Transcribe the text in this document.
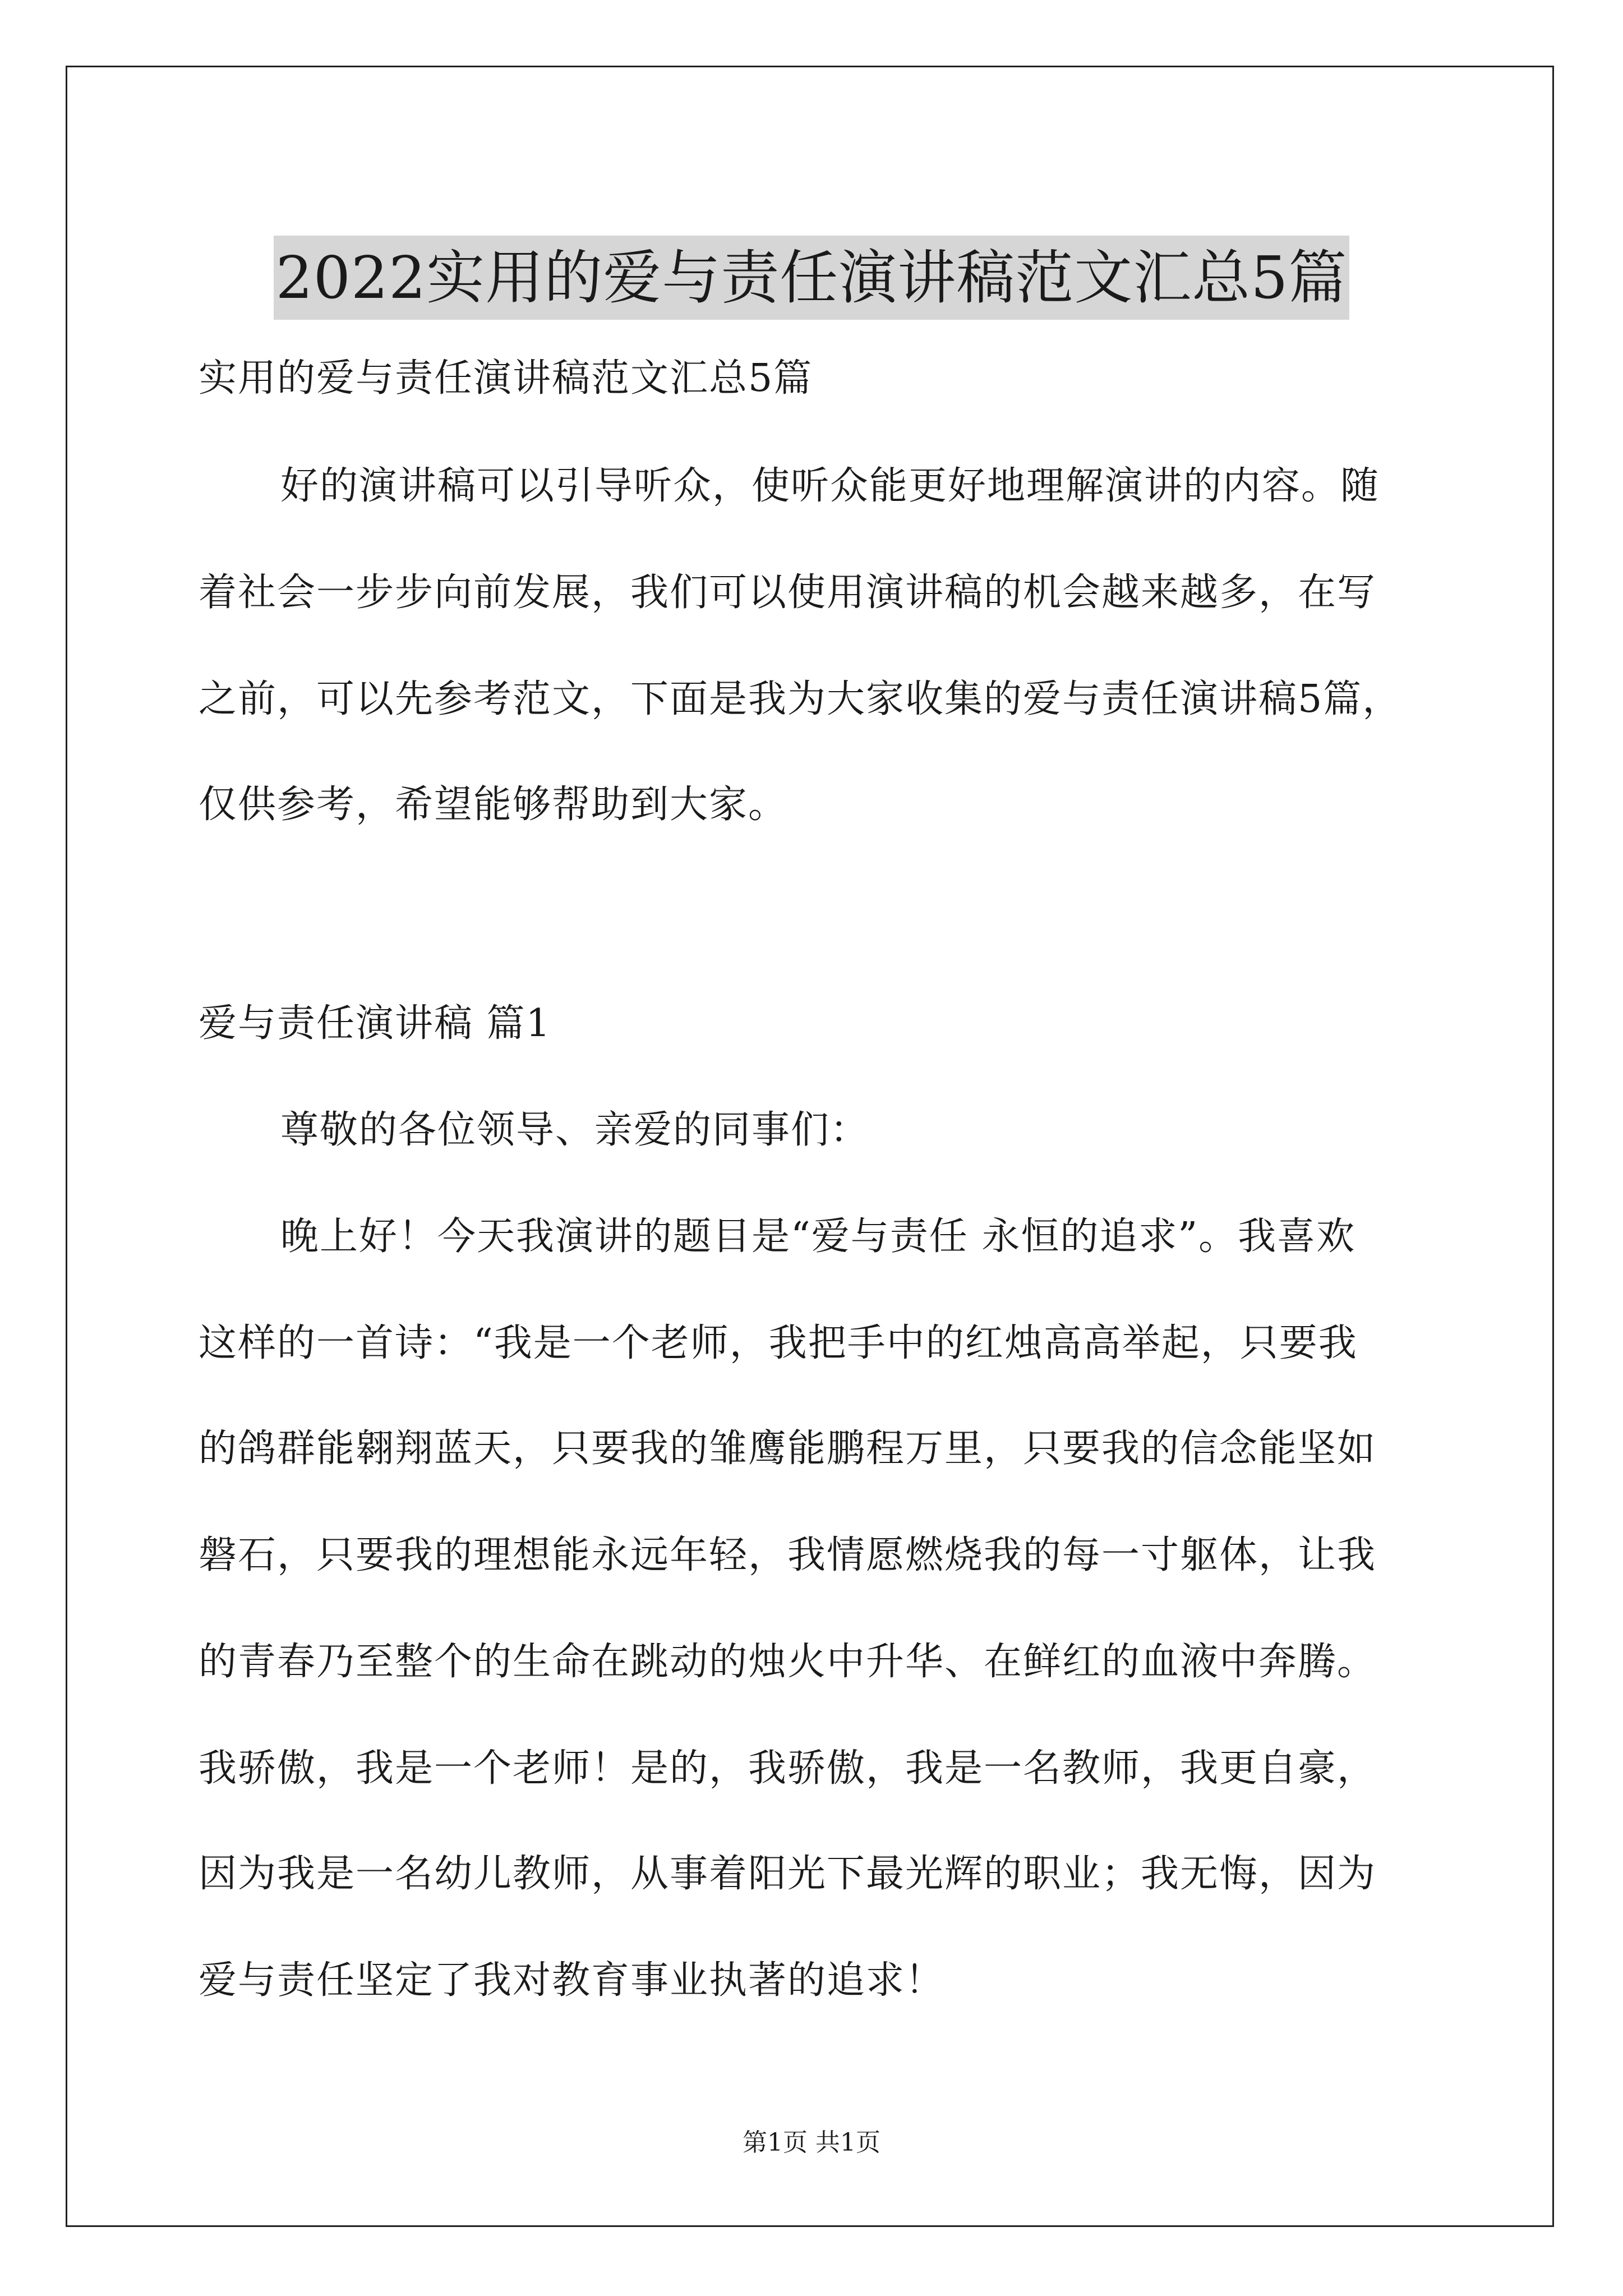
2022实用的爱与责任演讲稿范文汇总5篇
实用的爱与责任演讲稿范文汇总5篇
好的演讲稿可以引导听众，使听众能更好地理解演讲的内容。随
着社会一步步向前发展，我们可以使用演讲稿的机会越来越多，在写
之前，可以先参考范文，下面是我为大家收集的爱与责任演讲稿5篇，
仅供参考，希望能够帮助到大家。
爱与责任演讲稿 篇1
尊敬的各位领导、亲爱的同事们：
晚上好！今天我演讲的题目是“爱与责任 永恒的追求”。我喜欢
这样的一首诗：“我是一个老师，我把手中的红烛高高举起，只要我
的鸽群能翱翔蓝天，只要我的雏鹰能鹏程万里，只要我的信念能坚如
磐石，只要我的理想能永远年轻，我情愿燃烧我的每一寸躯体，让我
的青春乃至整个的生命在跳动的烛火中升华、在鲜红的血液中奔腾。
我骄傲，我是一个老师！是的，我骄傲，我是一名教师，我更自豪，
因为我是一名幼儿教师，从事着阳光下最光辉的职业；我无悔，因为
爱与责任坚定了我对教育事业执著的追求！
第1页 共1页
